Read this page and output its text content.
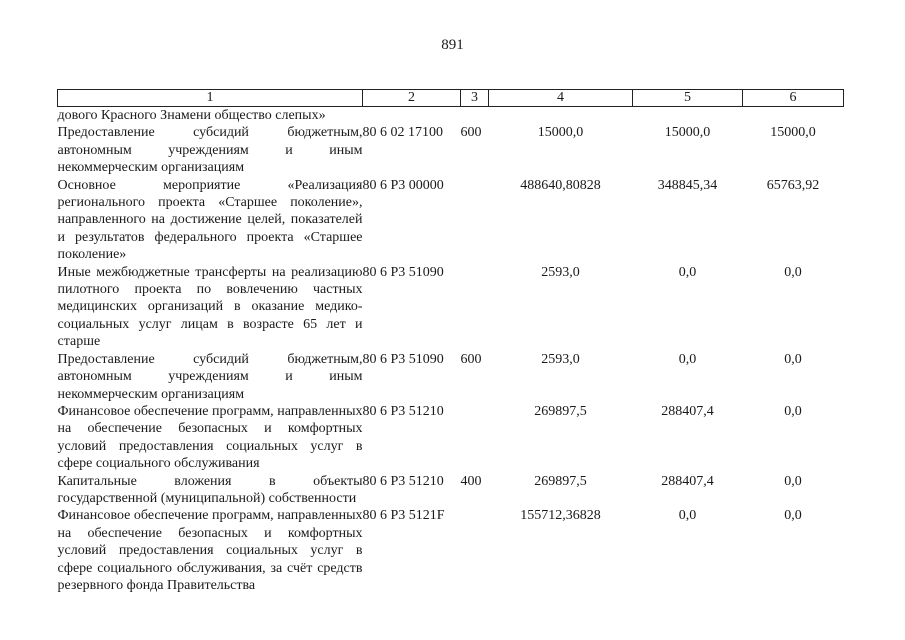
891
1	2	3	4	5	6
дового Красного Знамени общество слепых»					
Предоставление субсидий бюджетным, автономным учреждениям и иным некоммерческим организациям	80 6 02 17100	600	15000,0	15000,0	15000,0
Основное мероприятие «Реализация регионального проекта «Старшее поколение», направленного на достижение целей, показателей и результатов федерального проекта «Старшее поколение»	80 6 P3 00000		488640,80828	348845,34	65763,92
Иные межбюджетные трансферты на реализацию пилотного проекта по вовлечению частных медицинских организаций в оказание медико-социальных услуг лицам в возрасте 65 лет и старше	80 6 P3 51090		2593,0	0,0	0,0
Предоставление субсидий бюджетным, автономным учреждениям и иным некоммерческим организациям	80 6 P3 51090	600	2593,0	0,0	0,0
Финансовое обеспечение программ, направленных на обеспечение безопасных и комфортных условий предоставления социальных услуг в сфере социального обслуживания	80 6 P3 51210		269897,5	288407,4	0,0
Капитальные вложения в объекты государственной (муниципальной) собственности	80 6 P3 51210	400	269897,5	288407,4	0,0
Финансовое обеспечение программ, направленных на обеспечение безопасных и комфортных условий предоставления социальных услуг в сфере социального обслуживания, за счёт средств резервного фонда Правительства	80 6 P3 5121F		155712,36828	0,0	0,0
